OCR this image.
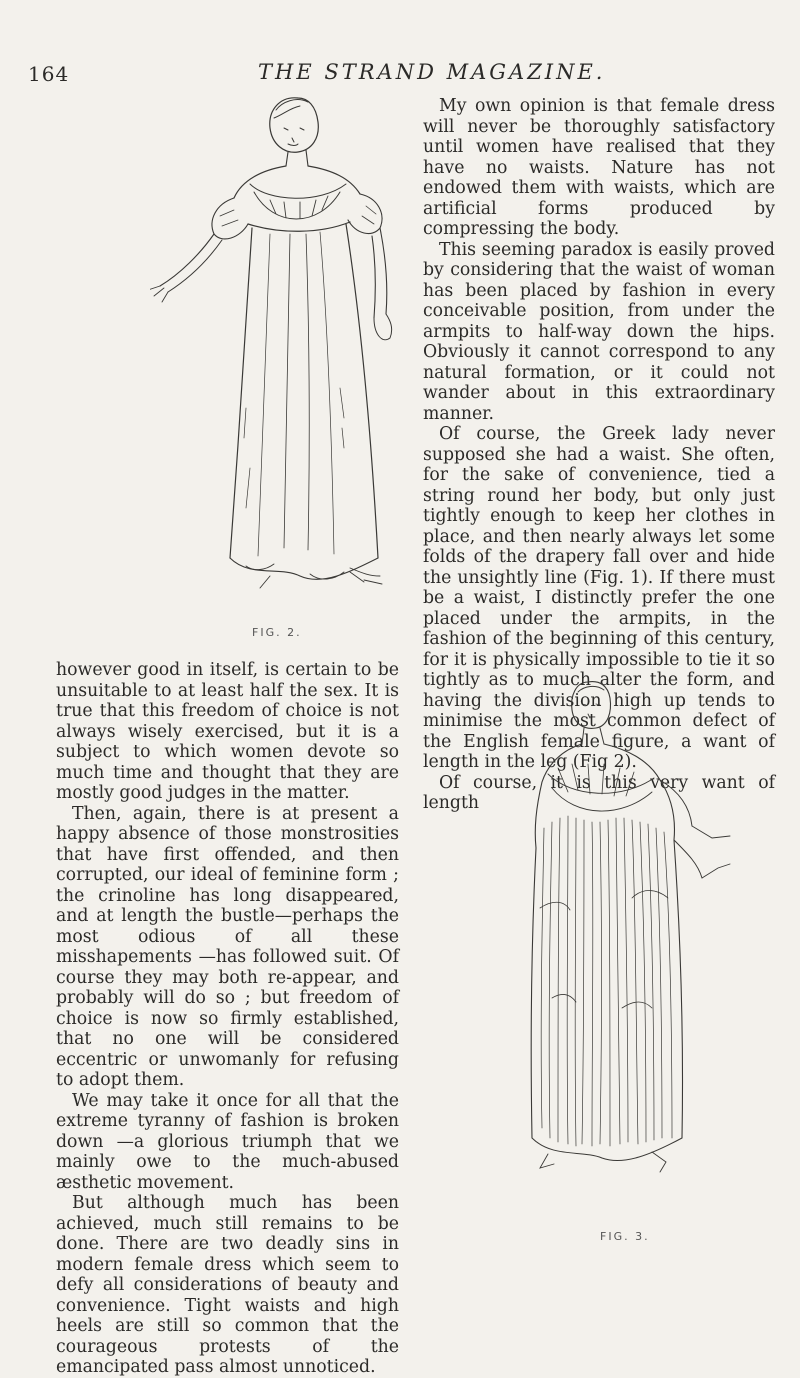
164	THE STRAND MAGAZINE.
FIG. 2.

however good in itself, is certain to be unsuitable to at least half the sex. It is true that this freedom of choice is not always wisely exercised, but it is a subject to which women devote so much time and thought that they are mostly good judges in the matter.

Then, again, there is at present a happy absence of those monstrosities that have first offended, and then corrupted, our ideal of feminine form ; the crinoline has long disappeared, and at length the bustle—perhaps the most odious of all these misshapements —has followed suit. Of course they may both re-appear, and probably will do so ; but freedom of choice is now so firmly established, that no one will be considered eccentric or unwomanly for refusing to adopt them.

We may take it once for all that the extreme tyranny of fashion is broken down —a glorious triumph that we mainly owe to the much-abused æsthetic movement.

But although much has been achieved, much still remains to be done. There are two deadly sins in modern female dress which seem to defy all considerations of beauty and convenience. Tight waists and high heels are still so common that the courageous protests of the emancipated pass almost unnoticed.

My own opinion is that female dress will never be thoroughly satisfactory until women have realised that they have no waists. Nature has not endowed them with waists, which are artificial forms produced by compressing the body.

This seeming paradox is easily proved by considering that the waist of woman has been placed by fashion in every conceivable position, from under the armpits to half-way down the hips. Obviously it cannot correspond to any natural formation, or it could not wander about in this extraordinary manner.

Of course, the Greek lady never supposed she had a waist. She often, for the sake of convenience, tied a string round her body, but only just tightly enough to keep her clothes in place, and then nearly always let some folds of the drapery fall over and hide the unsightly line (Fig. 1). If there must be a waist, I distinctly prefer the one placed under the armpits, in the fashion of the beginning of this century, for it is physically impossible to tie it so tightly as to much alter the form, and having the division high up tends to minimise the most common defect of the English female figure, a want of length in the leg (Fig 2).

Of course, it is this very want of length

FIG. 3.
